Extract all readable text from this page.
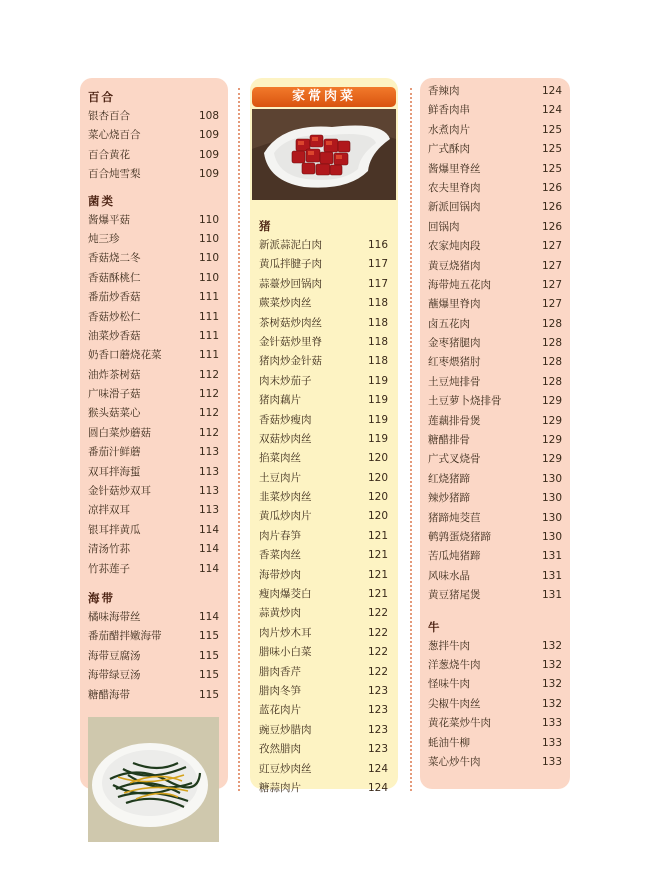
百合
银杏百合	108
菜心烧百合	109
百合黄花	109
百合炖雪梨	109
菌类
酱爆平菇	110
炖三珍	110
香菇烧二冬	110
香菇酥桃仁	110
番茄炒香菇	111
香菇炒松仁	111
油菜炒香菇	111
奶香口蘑烧花菜	111
油炸茶树菇	112
广味滑子菇	112
猴头菇菜心	112
圆白菜炒蘑菇	112
番茄汁鲜蘑	113
双耳拌海蜇	113
金针菇炒双耳	113
凉拌双耳	113
银耳拌黄瓜	114
清汤竹荪	114
竹荪莲子	114
海带
橘味海带丝	114
番茄醋拌嫩海带	115
海带豆腐汤	115
海带绿豆汤	115
糖醋海带	115
家常肉菜
猪
新派蒜泥白肉	116
黄瓜拌腱子肉	117
蒜薹炒回锅肉	117
蕨菜炒肉丝	118
茶树菇炒肉丝	118
金针菇炒里脊	118
猪肉炒金针菇	118
肉末炒茄子	119
猪肉藕片	119
香菇炒瘦肉	119
双菇炒肉丝	119
掐菜肉丝	120
土豆肉片	120
韭菜炒肉丝	120
黄瓜炒肉片	120
肉片春笋	121
香菜肉丝	121
海带炒肉	121
瘦肉爆茭白	121
蒜黄炒肉	122
肉片炒木耳	122
腊味小白菜	122
腊肉香芹	122
腊肉冬笋	123
蓝花肉片	123
豌豆炒腊肉	123
孜然腊肉	123
豇豆炒肉丝	124
糖蒜肉片	124
香辣肉	124
鲜香肉串	124
水煮肉片	125
广式酥肉	125
酱爆里脊丝	125
农夫里脊肉	126
新派回锅肉	126
回锅肉	126
农家炖肉段	127
黄豆烧猪肉	127
海带炖五花肉	127
蘸爆里脊肉	127
卤五花肉	128
金枣猪腿肉	128
红枣煨猪肘	128
土豆炖排骨	128
土豆萝卜烧排骨	129
莲藕排骨煲	129
糖醋排骨	129
广式叉烧骨	129
红烧猪蹄	130
辣炒猪蹄	130
猪蹄炖茭苣	130
鹌鹑蛋烧猪蹄	130
苦瓜炖猪蹄	131
风味水晶	131
黄豆猪尾煲	131
牛
葱拌牛肉	132
洋葱烧牛肉	132
怪味牛肉	132
尖椒牛肉丝	132
黄花菜炒牛肉	133
蚝油牛柳	133
菜心炒牛肉	133
